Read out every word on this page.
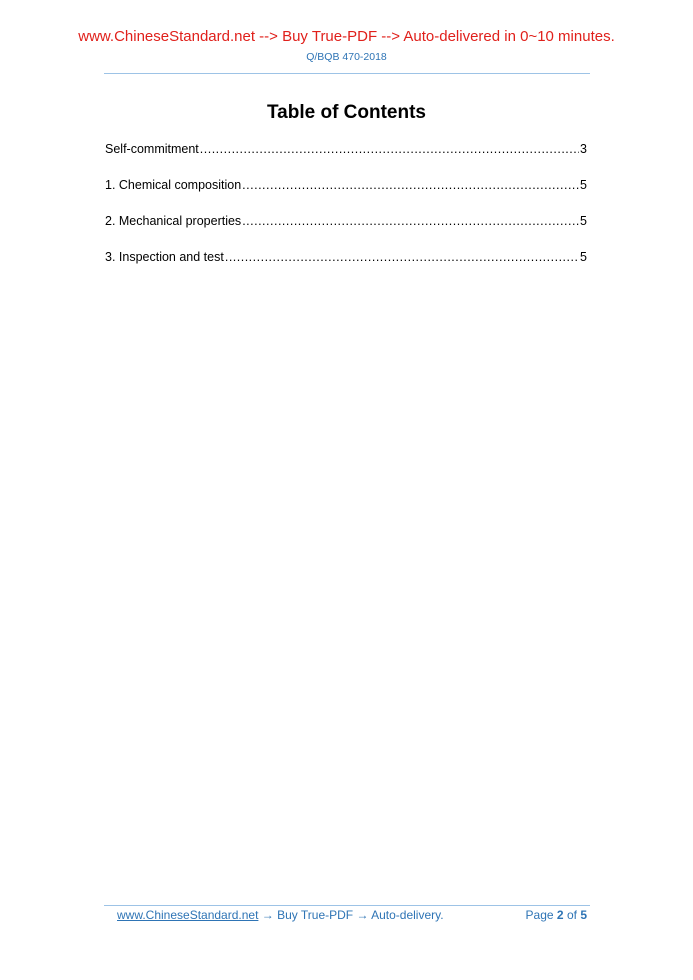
www.ChineseStandard.net --> Buy True-PDF --> Auto-delivered in 0~10 minutes.
Q/BQB 470-2018
Table of Contents
Self-commitment .....	3
1. Chemical composition .....	5
2. Mechanical properties .....	5
3. Inspection and test .....	5
www.ChineseStandard.net → Buy True-PDF → Auto-delivery.	Page 2 of 5
